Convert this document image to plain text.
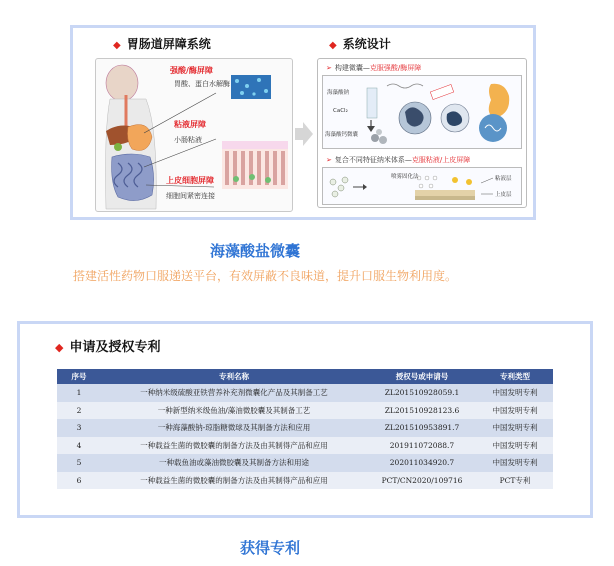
◆ 胃肠道屏障系统	◆ 系统设计
强酸/酶屏障
胃酸、蛋白水解酶
粘液屏障
小肠粘液
上皮细胞屏障
细胞间紧密连接
➢ 构建微囊—克服强酸/酶屏障
海藻酸钠
CaCl₂
海藻酸钙微囊
➢ 复合不同特征纳米体系—克服粘液/上皮屏障
喷雾固化法	粘液层
上皮层
海藻酸盐微囊
搭建活性药物口服递送平台，有效屏蔽不良味道，提升口服生物利用度。
◆ 申请及授权专利
序号	专利名称	授权号或申请号	专利类型
1	一种纳米级硫酸亚铁营养补充剂微囊化产品及其制备工艺	ZL201510928059.1	中国发明专利
2	一种新型纳米级鱼油/藻油微胶囊及其制备工艺	ZL201510928123.6	中国发明专利
3	一种海藻酸钠-琼脂糖微球及其制备方法和应用	ZL201510953891.7	中国发明专利
4	一种载益生菌的微胶囊的制备方法及由其制得产品和应用	201911072088.7	中国发明专利
5	一种载鱼油或藻油微胶囊及其制备方法和用途	202011034920.7	中国发明专利
6	一种载益生菌的微胶囊的制备方法及由其制得产品和应用	PCT/CN2020/109716	PCT专利
获得专利
